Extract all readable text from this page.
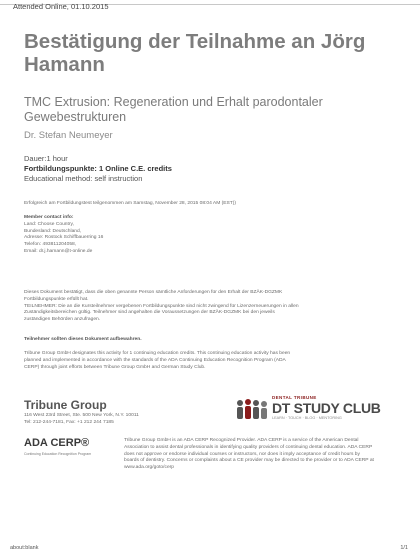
Attended Online, 01.10.2015
Bestätigung der Teilnahme an Jörg Hamann
TMC Extrusion: Regeneration und Erhalt parodontaler Gewebestrukturen
Dr. Stefan Neumeyer
Dauer:1 hour
Fortbildungspunkte: 1 Online C.E. credits
Educational method: self instruction
Erfolgreich am Fortbildungstest teilgenommen am Samstag, November 28, 2015 08:04 AM (EST))
Member contact info:
Land: Choose Country,
Bundesland: Deutschland,
Adresse: Rostock Schiffbauerring 16
Telefon: 493811204058,
Email: dr.j.hamann@t-online.de
Dieses Dokument bestätigt, dass die oben genannte Person sämtliche Anforderungen für den Erhalt der BZÄK-DGZMK
Fortbildungspunkte erfüllt hat.
TEILNEHMER: Die an die Kursteilnehmer vergebenen Fortbildungspunkte sind nicht zwingend für Lizenzerneuerungen in allen
Zuständigkeitsbereichen gültig. Teilnehmer sind angehalten die Voraussetzungen der BZÄK-DGZMK bei den jeweils
zuständigen Behörden anzufragen.
Teilnehmer sollten dieses Dokument aufbewahren.
Tribune Group GmbH designates this activity for 1 continuing education credits. This continuing education activity has been
planned and implemented in accordance with the standards of the ADA Continuing Education Recognition Program (ADA
CERP) through joint efforts between Tribune Group GmbH and German Study Club.
Tribune Group
116 West 23rd Street, Ste. 500 New York, N.Y. 10011
Tel: 212-244-7181, Fax: +1 212 244 7185
DENTAL TRIBUNE
DT STUDY CLUB
LEARN · TOUCH · BLOG · MENTORING
ADA CERP®
Continuing Education Recognition Program
Tribune Group GmbH is an ADA CERP Recognized Provider. ADA CERP is a service of the American Dental
Association to assist dental professionals in identifying quality providers of continuing dental education. ADA CERP
does not approve or endorse individual courses or instructors, nor does it imply acceptance of credit hours by
boards of dentistry. Concerns or complaints about a CE provider may be directed to the provider or to ADA CERP at
www.ada.org/goto/cerp
about:blank	1/1
